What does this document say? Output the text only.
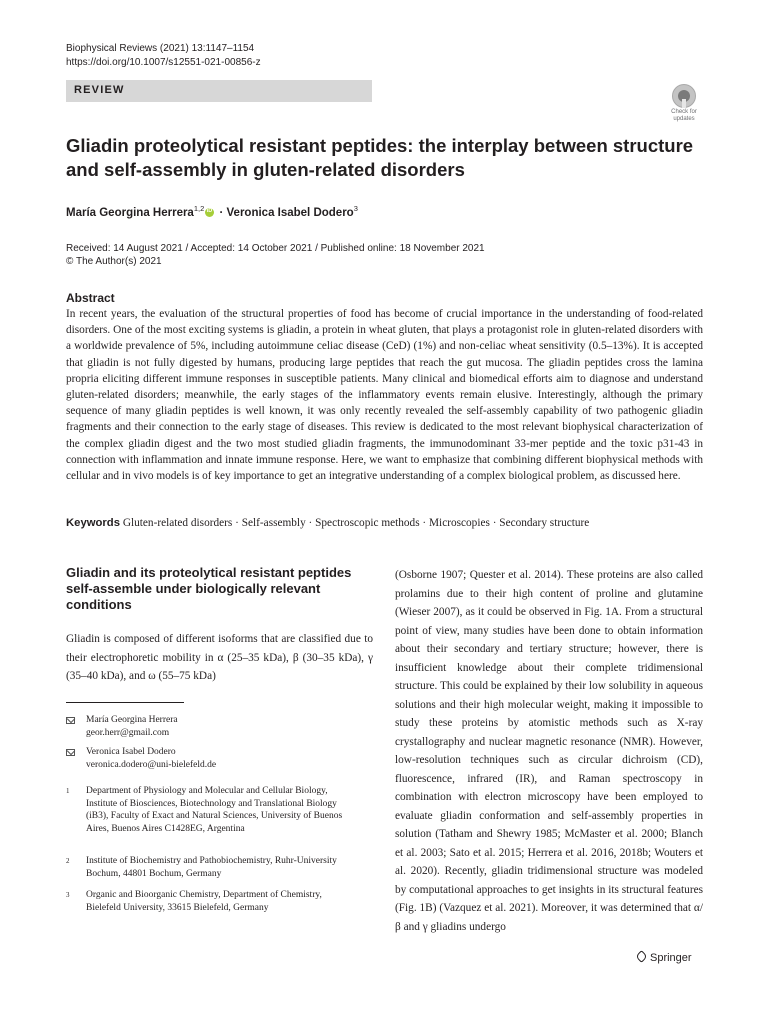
Biophysical Reviews (2021) 13:1147–1154
https://doi.org/10.1007/s12551-021-00856-z
REVIEW
Check for updates
Gliadin proteolytical resistant peptides: the interplay between structure and self-assembly in gluten-related disorders
María Georgina Herrera$^{1,2}$iD · Veronica Isabel Dodero$^3$
Received: 14 August 2021 / Accepted: 14 October 2021 / Published online: 18 November 2021
© The Author(s) 2021
Abstract
In recent years, the evaluation of the structural properties of food has become of crucial importance in the understanding of food-related disorders. One of the most exciting systems is gliadin, a protein in wheat gluten, that plays a protagonist role in gluten-related disorders with a worldwide prevalence of 5%, including autoimmune celiac disease (CeD) (1%) and non-celiac wheat sensitivity (0.5–13%). It is accepted that gliadin is not fully digested by humans, producing large peptides that reach the gut mucosa. The gliadin peptides cross the lamina propria eliciting different immune responses in susceptible patients. Many clinical and biomedical efforts aim to diagnose and understand gluten-related disorders; meanwhile, the early stages of the inflammatory events remain elusive. Interestingly, although the primary sequence of many gliadin peptides is well known, it was only recently revealed the self-assembly capability of two pathogenic gliadin fragments and their connection to the early stage of diseases. This review is dedicated to the most relevant biophysical characterization of the complex gliadin digest and the two most studied gliadin fragments, the immunodominant 33-mer peptide and the toxic p31-43 in connection with inflammation and innate immune response. Here, we want to emphasize that combining different biophysical methods with cellular and in vivo models is of key importance to get an integrative understanding of a complex biological problem, as discussed here.
Keywords Gluten-related disorders · Self-assembly · Spectroscopic methods · Microscopies · Secondary structure
Gliadin and its proteolytical resistant peptides self-assemble under biologically relevant conditions
Gliadin is composed of different isoforms that are classified due to their electrophoretic mobility in α (25–35 kDa), β (30–35 kDa), γ (35–40 kDa), and ω (55–75 kDa)
María Georgina Herrera
geor.herr@gmail.com
Veronica Isabel Dodero
veronica.dodero@uni-bielefeld.de
1	Department of Physiology and Molecular and Cellular Biology, Institute of Biosciences, Biotechnology and Translational Biology (iB3), Faculty of Exact and Natural Sciences, University of Buenos Aires, Buenos Aires C1428EG, Argentina
2	Institute of Biochemistry and Pathobiochemistry, Ruhr-University Bochum, 44801 Bochum, Germany
3	Organic and Bioorganic Chemistry, Department of Chemistry, Bielefeld University, 33615 Bielefeld, Germany
(Osborne 1907; Quester et al. 2014). These proteins are also called prolamins due to their high content of proline and glutamine (Wieser 2007), as it could be observed in Fig. 1A. From a structural point of view, many studies have been done to obtain information about their secondary and tertiary structure; however, there is insufficient knowledge about their complete tridimensional structure. This could be explained by their low solubility in aqueous solutions and their high molecular weight, making it impossible to study these proteins by atomistic methods such as X-ray crystallography and nuclear magnetic resonance (NMR). However, low-resolution techniques such as circular dichroism (CD), fluorescence, infrared (IR), and Raman spectroscopy in combination with electron microscopy have been employed to evaluate gliadin conformation and self-assembly properties in solution (Tatham and Shewry 1985; McMaster et al. 2000; Blanch et al. 2003; Sato et al. 2015; Herrera et al. 2016, 2018b; Wouters et al. 2020). Recently, gliadin tridimensional structure was modeled by computational approaches to get insights in its structural features (Fig. 1B) (Vazquez et al. 2021). Moreover, it was determined that α/β and γ gliadins undergo
Springer
